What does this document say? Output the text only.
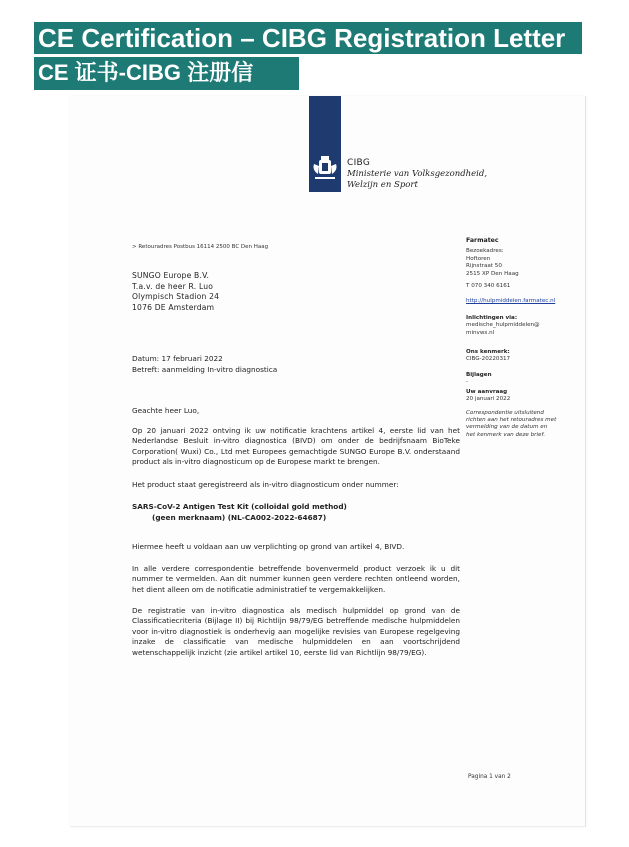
CE Certification – CIBG Registration Letter
CE 证书-CIBG 注册信
CIBG
Ministerie van Volksgezondheid,
Welzijn en Sport
> Retouradres Postbus 16114 2500 BC Den Haag
SUNGO Europe B.V.
T.a.v. de heer R. Luo
Olympisch Stadion 24
1076 DE Amsterdam
Datum: 17 februari 2022
Betreft: aanmelding In-vitro diagnostica
Geachte heer Luo,
Op 20 januari 2022 ontving ik uw notificatie krachtens artikel 4, eerste lid van het Nederlandse Besluit in-vitro diagnostica (BIVD) om onder de bedrijfsnaam BioTeke Corporation( Wuxi) Co., Ltd met Europees gemachtigde SUNGO Europe B.V. onderstaand product als in-vitro diagnosticum op de Europese markt te brengen.
Het product staat geregistreerd als in-vitro diagnosticum onder nummer:
SARS-CoV-2 Antigen Test Kit (colloidal gold method)
(geen merknaam) (NL-CA002-2022-64687)
Hiermee heeft u voldaan aan uw verplichting op grond van artikel 4, BIVD.
In alle verdere correspondentie betreffende bovenvermeld product verzoek ik u dit nummer te vermelden. Aan dit nummer kunnen geen verdere rechten ontleend worden, het dient alleen om de notificatie administratief te vergemakkelijken.
De registratie van in-vitro diagnostica als medisch hulpmiddel op grond van de Classificatiecriteria (Bijlage II) bij Richtlijn 98/79/EG betreffende medische hulpmiddelen voor in-vitro diagnostiek is onderhevig aan mogelijke revisies van Europese regelgeving inzake de classificatie van medische hulpmiddelen en aan voortschrijdend wetenschappelijk inzicht (zie artikel artikel 10, eerste lid van Richtlijn 98/79/EG).
Farmatec
Bezoekadres:
Hoftoren
Rijnstraat 50
2515 XP Den Haag
T 070 340 6161
http://hulpmiddelen.farmatec.nl
Inlichtingen via:
medische_hulpmiddelen@
minvws.nl
Ons kenmerk:
CIBG-20220317
Bijlagen
-
Uw aanvraag
20 januari 2022
Correspondentie uitsluitend
richten aan het retouradres met
vermelding van de datum en
het kenmerk van deze brief.
Pagina 1 van 2
